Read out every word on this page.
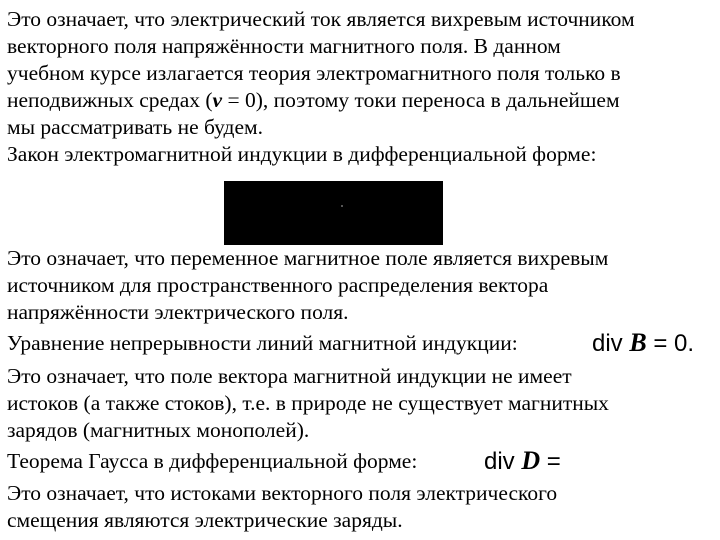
Это означает, что электрический ток является вихревым источником
векторного поля напряжённости магнитного поля. В данном
учебном курсе излагается теория электромагнитного поля только в
неподвижных средах (v = 0), поэтому токи переноса в дальнейшем
мы рассматривать не будем.
Закон электромагнитной индукции в дифференциальной форме:
Это означает, что переменное магнитное поле является вихревым
источником для пространственного распределения вектора
напряжённости электрического поля.
Уравнение непрерывности линий магнитной индукции:	div B = 0.
Это означает, что поле вектора магнитной индукции не имеет
истоков (а также стоков), т.е. в природе не существует магнитных
зарядов (магнитных монополей).
Теорема Гаусса в дифференциальной форме:	div D =
Это означает, что истоками векторного поля электрического
смещения являются электрические заряды.
